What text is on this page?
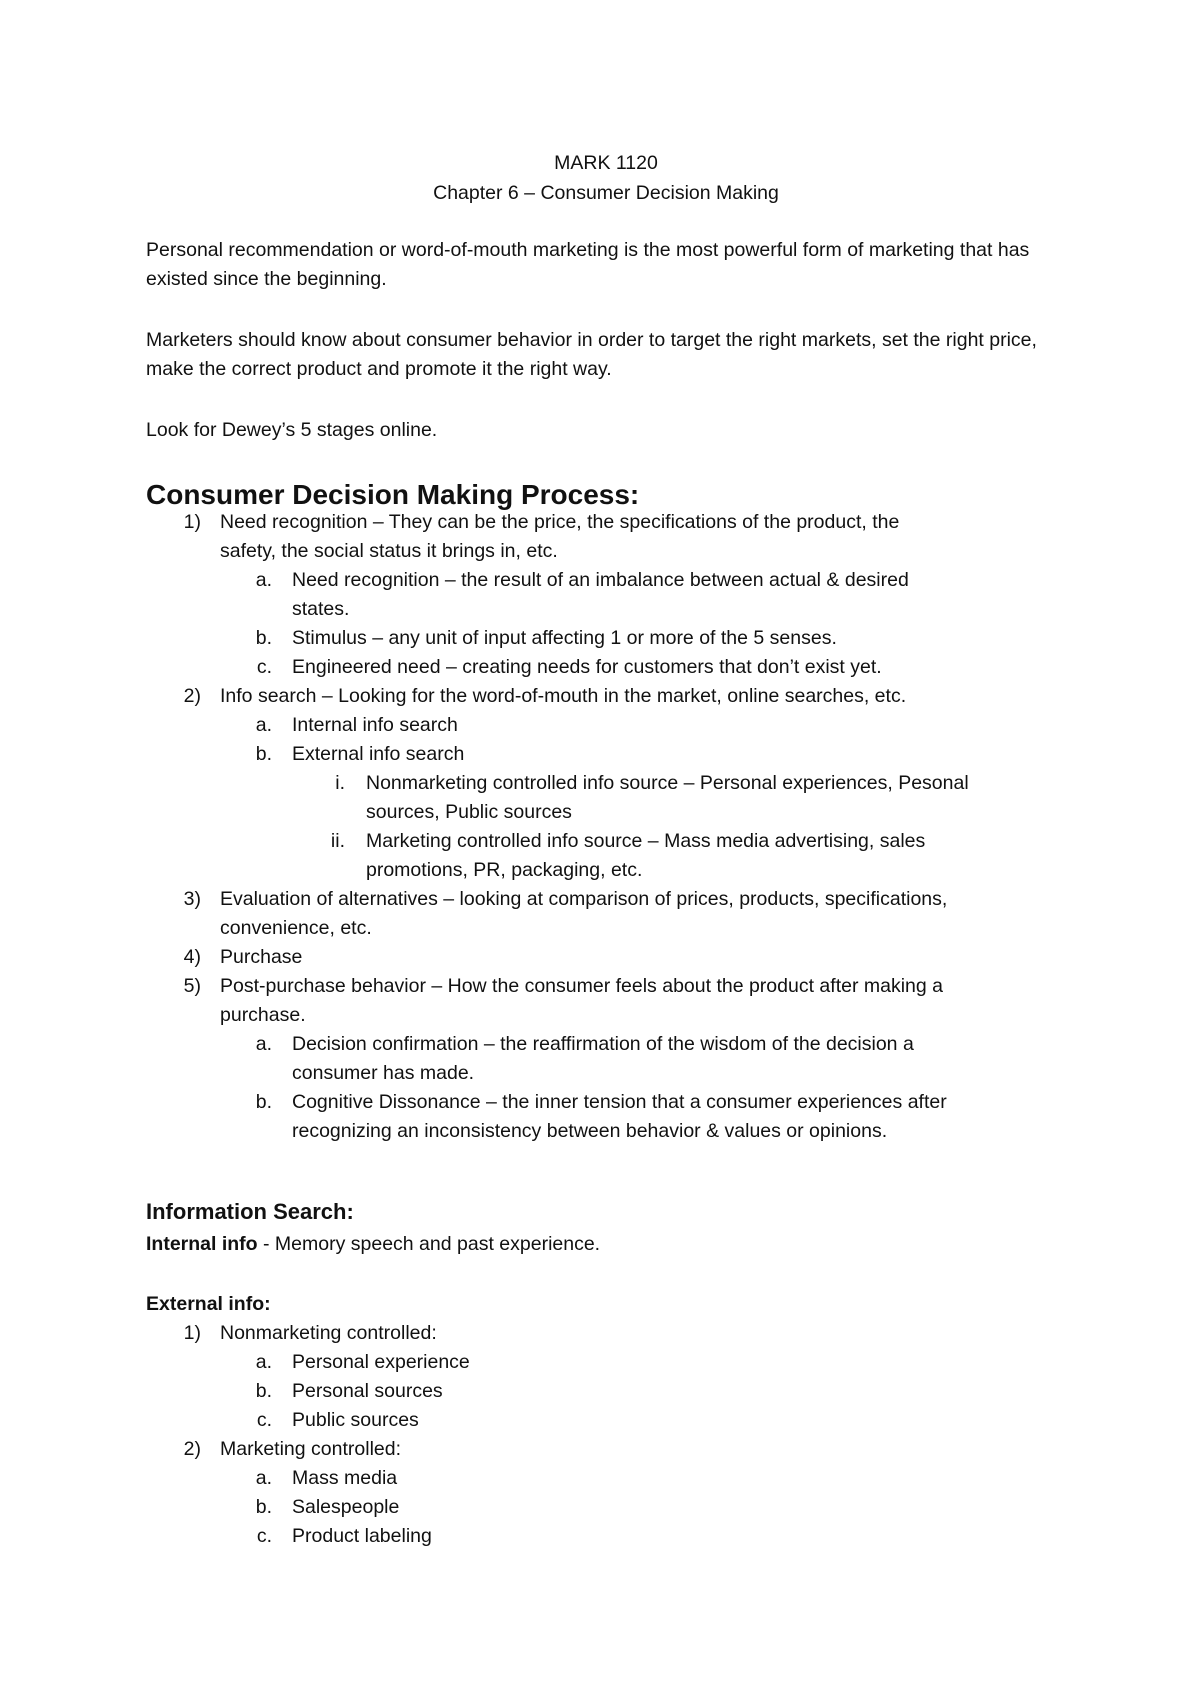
MARK 1120
Chapter 6 – Consumer Decision Making
Personal recommendation or word-of-mouth marketing is the most powerful form of marketing that has existed since the beginning.
Marketers should know about consumer behavior in order to target the right markets, set the right price, make the correct product and promote it the right way.
Look for Dewey’s 5 stages online.
Consumer Decision Making Process:
1) Need recognition – They can be the price, the specifications of the product, the
safety, the social status it brings in, etc.
a. Need recognition – the result of an imbalance between actual & desired
states.
b. Stimulus – any unit of input affecting 1 or more of the 5 senses.
c. Engineered need – creating needs for customers that don’t exist yet.
2) Info search – Looking for the word-of-mouth in the market, online searches, etc.
a. Internal info search
b. External info search
i. Nonmarketing controlled info source – Personal experiences, Pesonal
sources, Public sources
ii. Marketing controlled info source – Mass media advertising, sales
promotions, PR, packaging, etc.
3) Evaluation of alternatives – looking at comparison of prices, products, specifications,
convenience, etc.
4) Purchase
5) Post-purchase behavior – How the consumer feels about the product after making a
purchase.
a. Decision confirmation – the reaffirmation of the wisdom of the decision a
consumer has made.
b. Cognitive Dissonance – the inner tension that a consumer experiences after
recognizing an inconsistency between behavior & values or opinions.
Information Search:
Internal info - Memory speech and past experience.
External info:
1) Nonmarketing controlled:
a. Personal experience
b. Personal sources
c. Public sources
2) Marketing controlled:
a. Mass media
b. Salespeople
c. Product labeling
